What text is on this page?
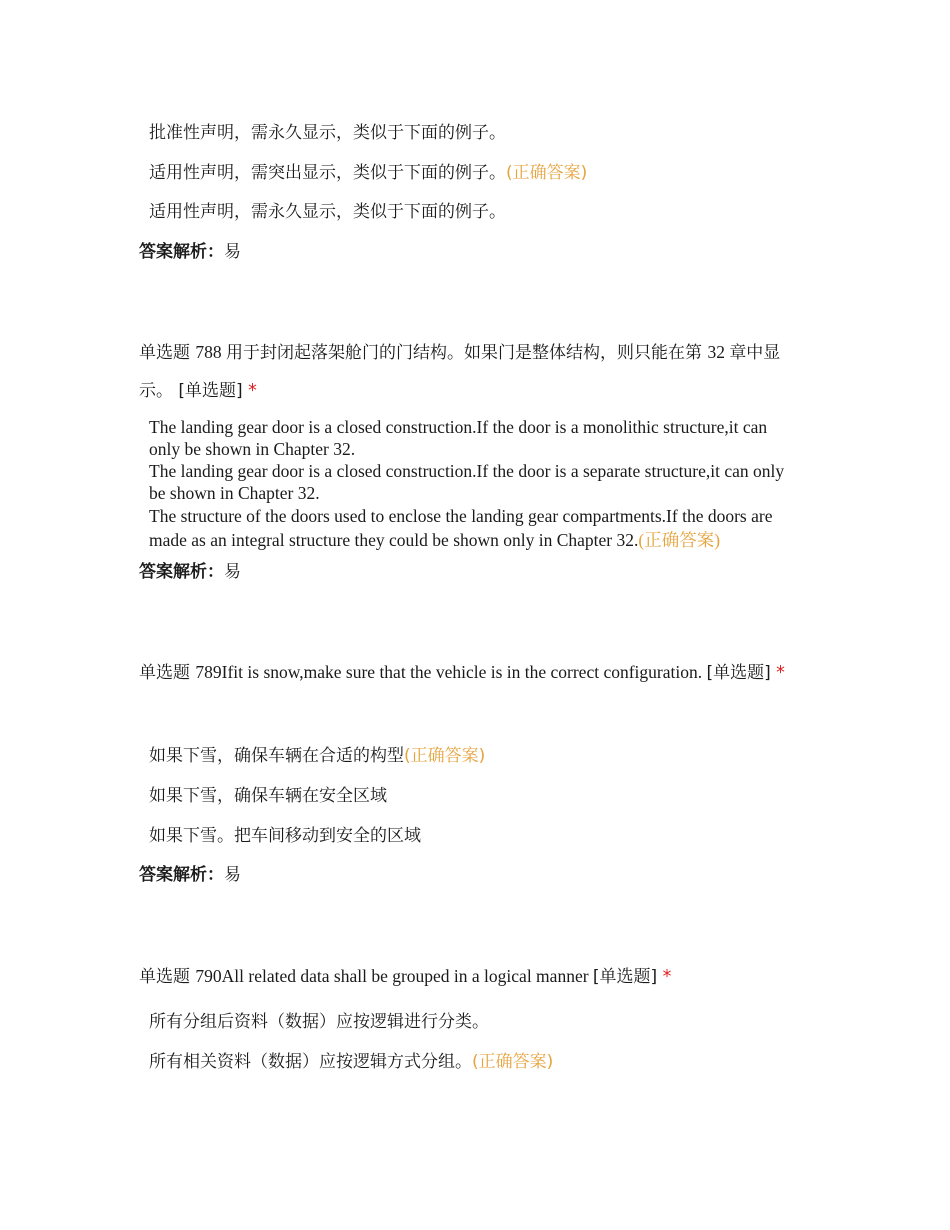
批准性声明，需永久显示，类似于下面的例子。
适用性声明，需突出显示，类似于下面的例子。(正确答案)
适用性声明，需永久显示，类似于下面的例子。
答案解析：易
单选题 788 用于封闭起落架舱门的门结构。如果门是整体结构，则只能在第 32 章中显示。 [单选题] *
The landing gear door is a closed construction.If the door is a monolithic structure,it can only be shown in Chapter 32.
The landing gear door is a closed construction.If the door is a separate structure,it can only be shown in Chapter 32.
The structure of the doors used to enclose the landing gear compartments.If the doors are made as an integral structure they could be shown only in Chapter 32.(正确答案)
答案解析：易
单选题 789Ifit is snow,make sure that the vehicle is in the correct configuration. [单选题] *
如果下雪，确保车辆在合适的构型(正确答案)
如果下雪，确保车辆在安全区域
如果下雪。把车间移动到安全的区域
答案解析：易
单选题 790All related data shall be grouped in a logical manner [单选题] *
所有分组后资料（数据）应按逻辑进行分类。
所有相关资料（数据）应按逻辑方式分组。(正确答案)
